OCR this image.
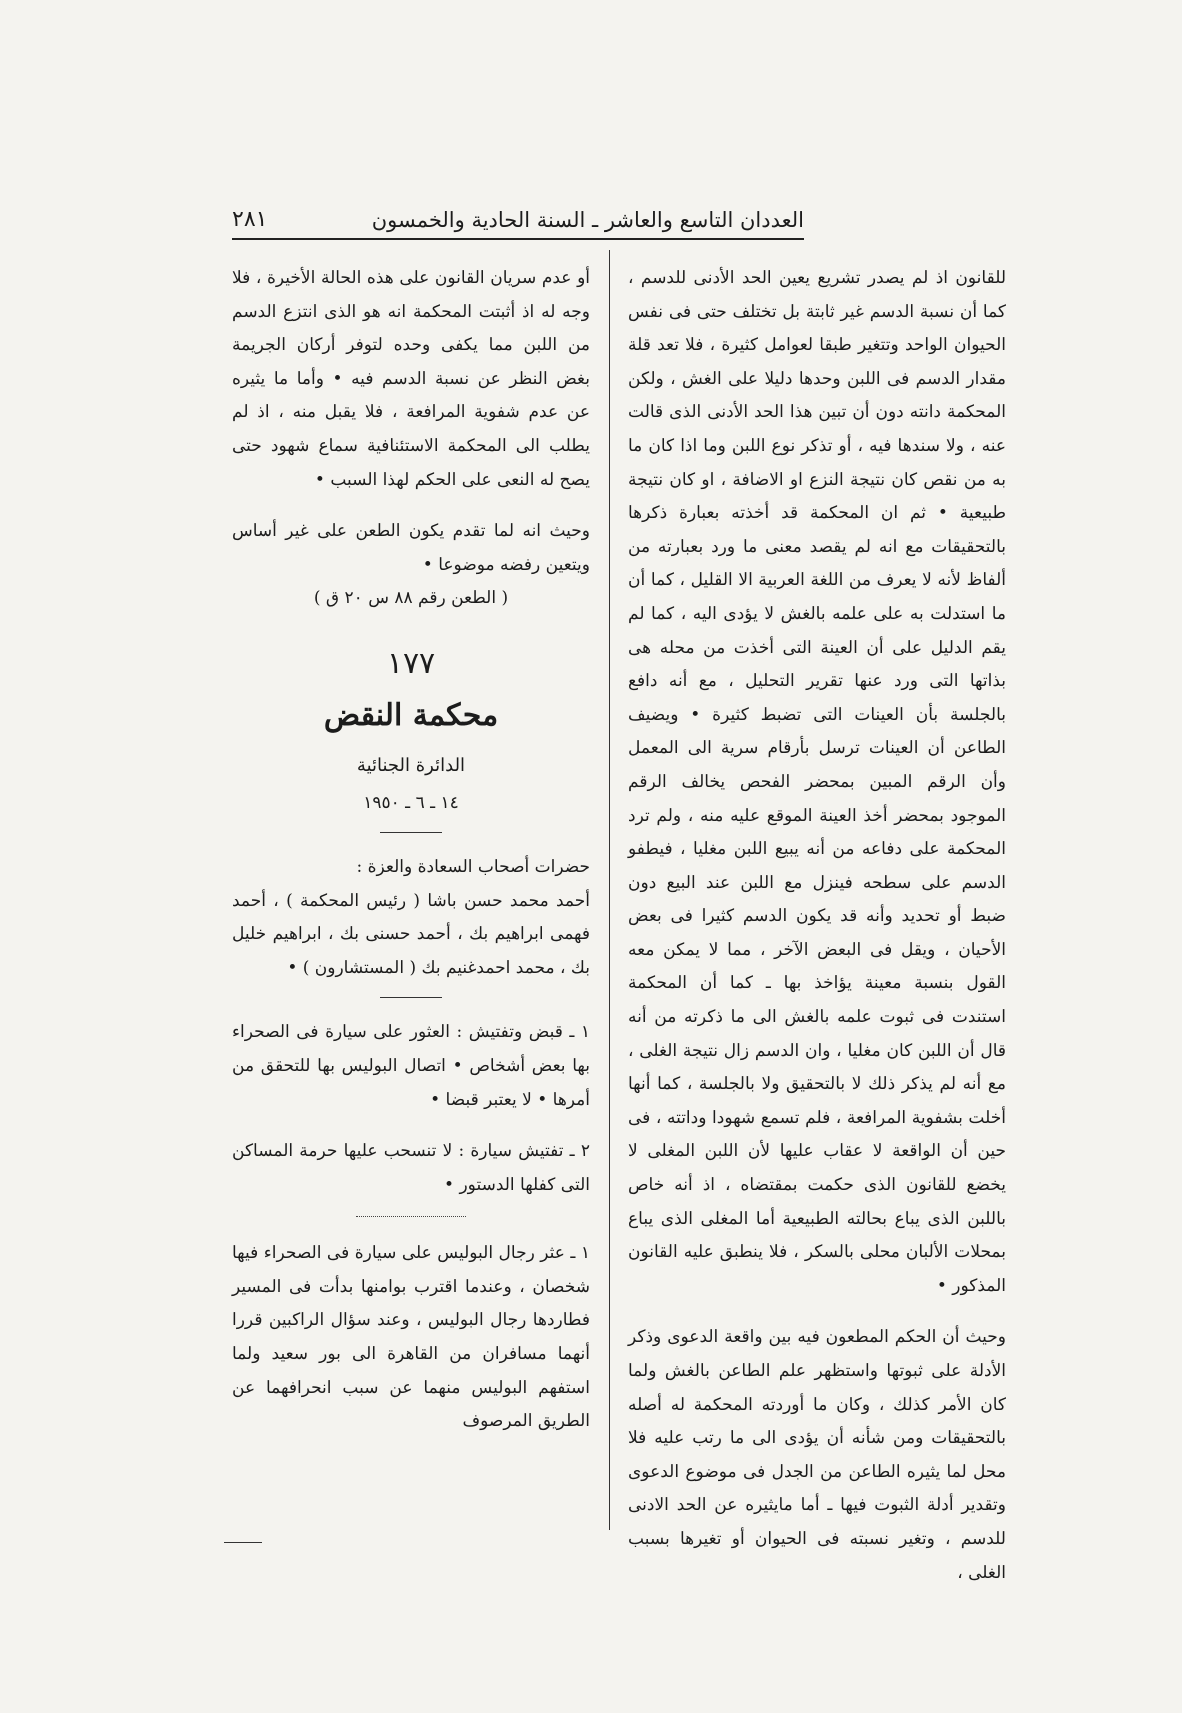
العددان التاسع والعاشر ـ السنة الحادية والخمسون
٢٨١

للقانون اذ لم يصدر تشريع يعين الحد الأدنى للدسم ، كما أن نسبة الدسم غير ثابتة بل تختلف حتى فى نفس الحيوان الواحد وتتغير طبقا لعوامل كثيرة ، فلا تعد قلة مقدار الدسم فى اللبن وحدها دليلا على الغش ، ولكن المحكمة دانته دون أن تبين هذا الحد الأدنى الذى قالت عنه ، ولا سندها فيه ، أو تذكر نوع اللبن وما اذا كان ما به من نقص كان نتيجة النزع او الاضافة ، او كان نتيجة طبيعية • ثم ان المحكمة قد أخذته بعبارة ذكرها بالتحقيقات مع انه لم يقصد معنى ما ورد بعبارته من ألفاظ لأنه لا يعرف من اللغة العربية الا القليل ، كما أن ما استدلت به على علمه بالغش لا يؤدى اليه ، كما لم يقم الدليل على أن العينة التى أخذت من محله هى بذاتها التى ورد عنها تقرير التحليل ، مع أنه دافع بالجلسة بأن العينات التى تضبط كثيرة • ويضيف الطاعن أن العينات ترسل بأرقام سرية الى المعمل وأن الرقم المبين بمحضر الفحص يخالف الرقم الموجود بمحضر أخذ العينة الموقع عليه منه ، ولم ترد المحكمة على دفاعه من أنه يبيع اللبن مغليا ، فيطفو الدسم على سطحه فينزل مع اللبن عند البيع دون ضبط أو تحديد وأنه قد يكون الدسم كثيرا فى بعض الأحيان ، ويقل فى البعض الآخر ، مما لا يمكن معه القول بنسبة معينة يؤاخذ بها ـ كما أن المحكمة استندت فى ثبوت علمه بالغش الى ما ذكرته من أنه قال أن اللبن كان مغليا ، وان الدسم زال نتيجة الغلى ، مع أنه لم يذكر ذلك لا بالتحقيق ولا بالجلسة ، كما أنها أخلت بشفوية المرافعة ، فلم تسمع شهودا وداتته ، فى حين أن الواقعة لا عقاب عليها لأن اللبن المغلى لا يخضع للقانون الذى حكمت بمقتضاه ، اذ أنه خاص باللبن الذى يباع بحالته الطبيعية أما المغلى الذى يباع بمحلات الألبان محلى بالسكر ، فلا ينطبق عليه القانون المذكور •

وحيث أن الحكم المطعون فيه بين واقعة الدعوى وذكر الأدلة على ثبوتها واستظهر علم الطاعن بالغش ولما كان الأمر كذلك ، وكان ما أوردته المحكمة له أصله بالتحقيقات ومن شأنه أن يؤدى الى ما رتب عليه فلا محل لما يثيره الطاعن من الجدل فى موضوع الدعوى وتقدير أدلة الثبوت فيها ـ أما مايثيره عن الحد الادنى للدسم ، وتغير نسبته فى الحيوان أو تغيرها بسبب الغلى ،

أو عدم سريان القانون على هذه الحالة الأخيرة ، فلا وجه له اذ أثبتت المحكمة انه هو الذى انتزع الدسم من اللبن مما يكفى وحده لتوفر أركان الجريمة بغض النظر عن نسبة الدسم فيه • وأما ما يثيره عن عدم شفوية المرافعة ، فلا يقبل منه ، اذ لم يطلب الى المحكمة الاستئنافية سماع شهود حتى يصح له النعى على الحكم لهذا السبب •

وحيث انه لما تقدم يكون الطعن على غير أساس ويتعين رفضه موضوعا •

( الطعن رقم ٨٨ س ٢٠ ق )

١٧٧

محكمة النقض

الدائرة الجنائية

١٤ ـ ٦ ـ ١٩٥٠

حضرات أصحاب السعادة والعزة :

أحمد محمد حسن باشا ( رئيس المحكمة ) ، أحمد فهمى ابراهيم بك ، أحمد حسنى بك ، ابراهيم خليل بك ، محمد احمدغنيم بك ( المستشارون ) •

١ ـ قبض وتفتيش : العثور على سيارة فى الصحراء بها بعض أشخاص • اتصال البوليس بها للتحقق من أمرها • لا يعتبر قبضا •

٢ ـ تفتيش سيارة : لا تنسحب عليها حرمة المساكن التى كفلها الدستور •

١ ـ عثر رجال البوليس على سيارة فى الصحراء فيها شخصان ، وعندما اقترب بوامنها بدأت فى المسير فطاردها رجال البوليس ، وعند سؤال الراكبين قررا أنهما مسافران من القاهرة الى بور سعيد ولما استفهم البوليس منهما عن سبب انحرافهما عن الطريق المرصوف
